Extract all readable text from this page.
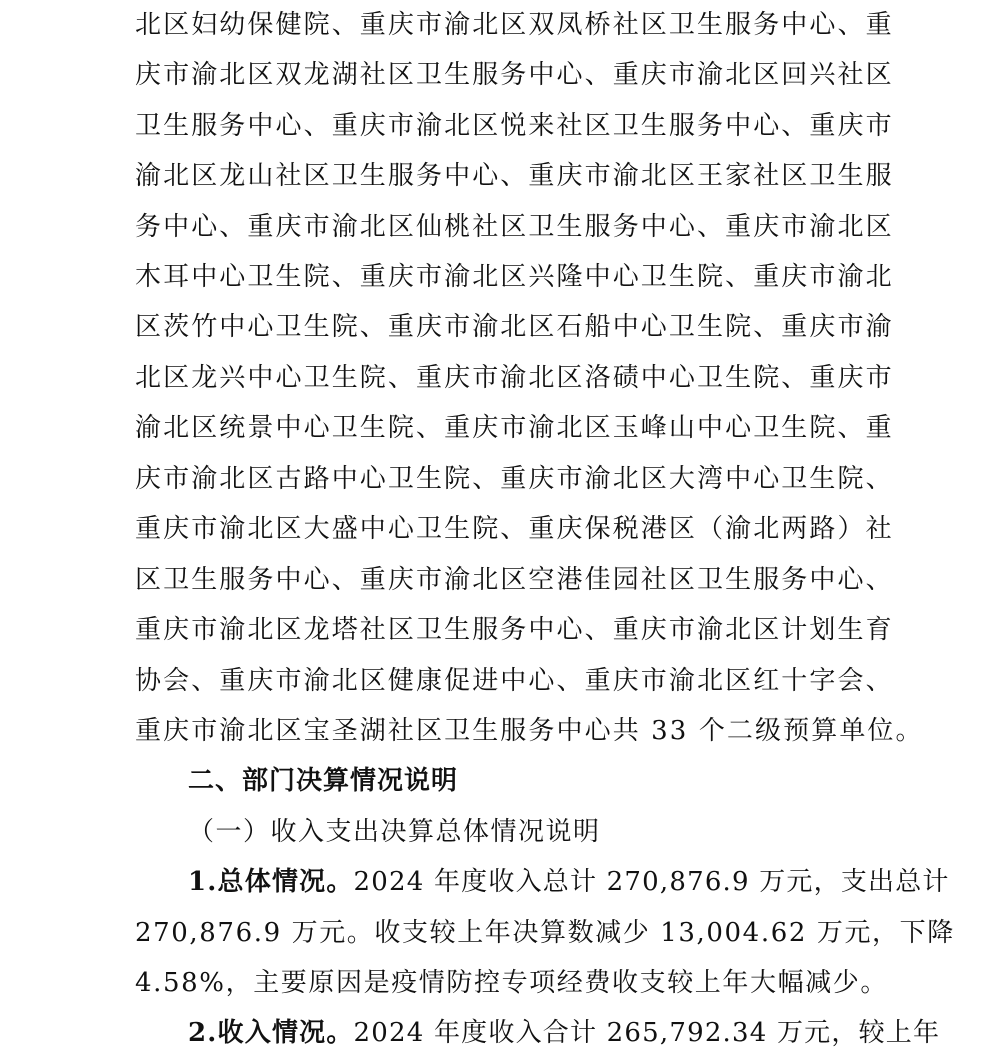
北区妇幼保健院、重庆市渝北区双凤桥社区卫生服务中心、重
庆市渝北区双龙湖社区卫生服务中心、重庆市渝北区回兴社区
卫生服务中心、重庆市渝北区悦来社区卫生服务中心、重庆市
渝北区龙山社区卫生服务中心、重庆市渝北区王家社区卫生服
务中心、重庆市渝北区仙桃社区卫生服务中心、重庆市渝北区
木耳中心卫生院、重庆市渝北区兴隆中心卫生院、重庆市渝北
区茨竹中心卫生院、重庆市渝北区石船中心卫生院、重庆市渝
北区龙兴中心卫生院、重庆市渝北区洛碛中心卫生院、重庆市
渝北区统景中心卫生院、重庆市渝北区玉峰山中心卫生院、重
庆市渝北区古路中心卫生院、重庆市渝北区大湾中心卫生院、
重庆市渝北区大盛中心卫生院、重庆保税港区（渝北两路）社
区卫生服务中心、重庆市渝北区空港佳园社区卫生服务中心、
重庆市渝北区龙塔社区卫生服务中心、重庆市渝北区计划生育
协会、重庆市渝北区健康促进中心、重庆市渝北区红十字会、
重庆市渝北区宝圣湖社区卫生服务中心共 33 个二级预算单位。
二、部门决算情况说明
（一）收入支出决算总体情况说明
1.总体情况。2024 年度收入总计 270,876.9 万元，支出总计
270,876.9 万元。收支较上年决算数减少 13,004.62 万元，下降
4.58%，主要原因是疫情防控专项经费收支较上年大幅减少。
2.收入情况。2024 年度收入合计 265,792.34 万元，较上年
